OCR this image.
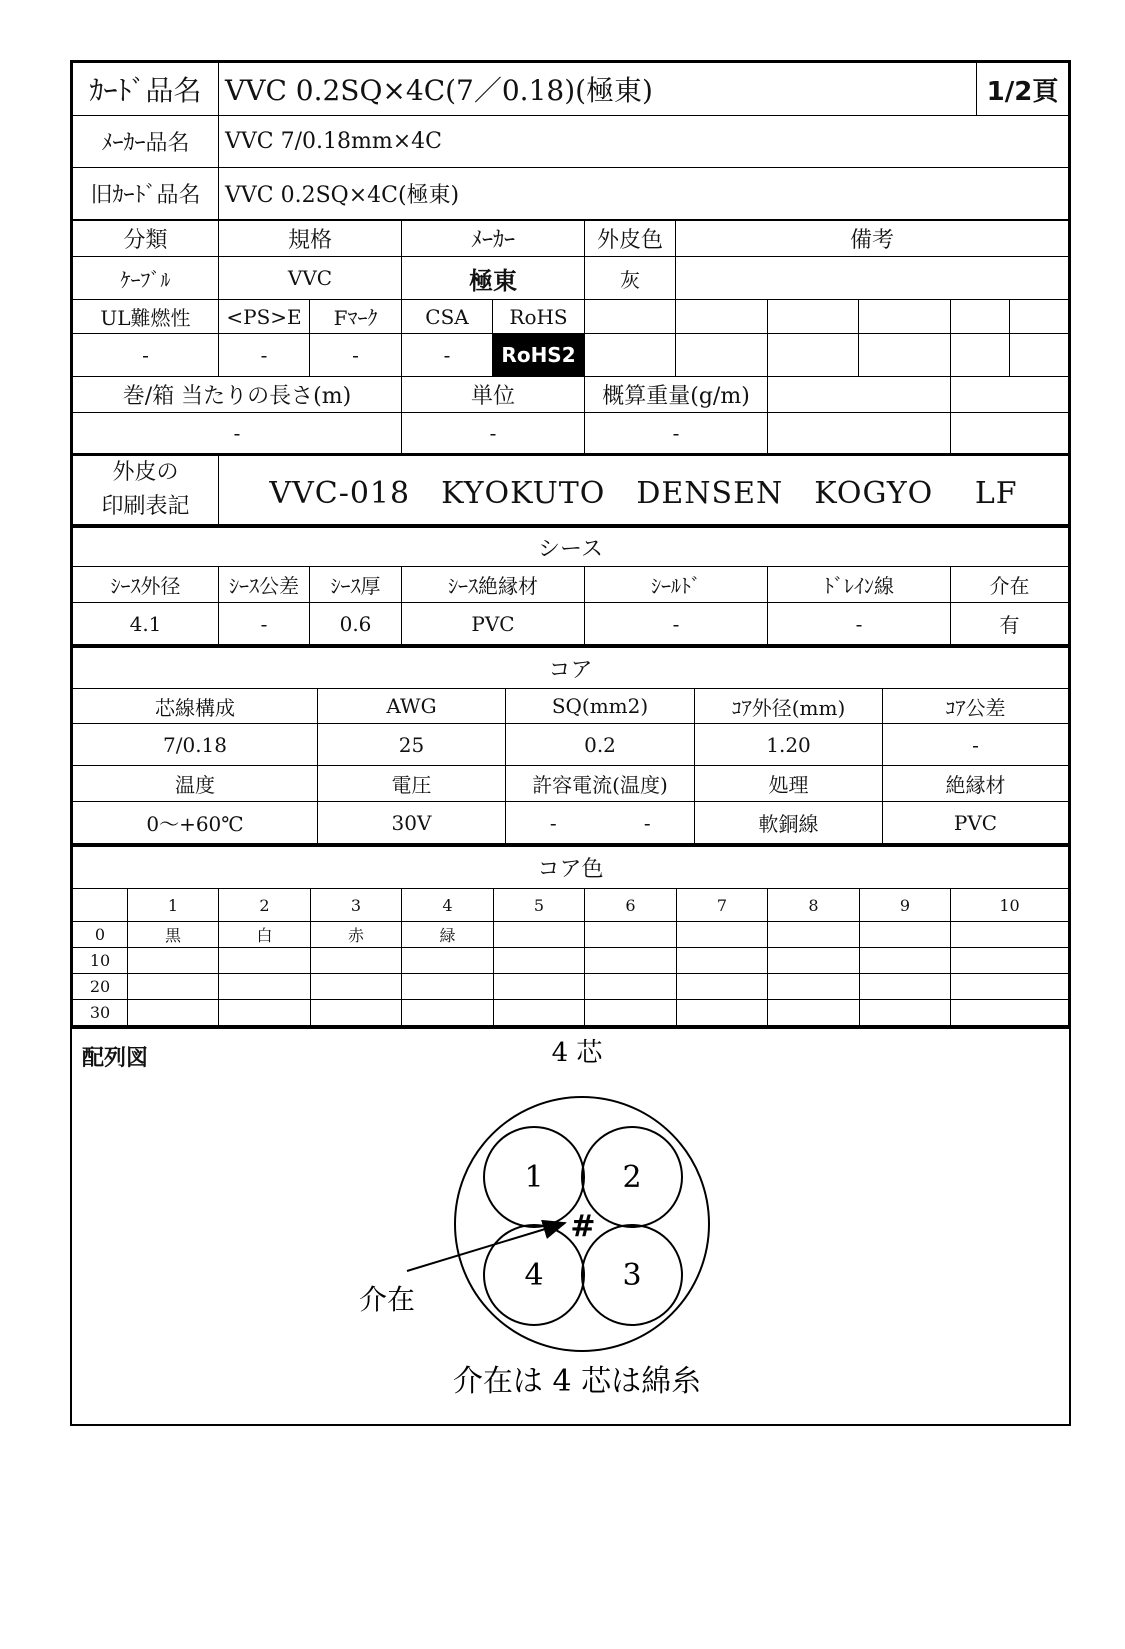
ｶｰﾄﾞ品名	VVC 0.2SQ×4C(7／0.18)(極東)	1/2頁
ﾒｰｶｰ品名	VVC 7/0.18mm×4C	
旧ｶｰﾄﾞ品名	VVC 0.2SQ×4C(極東)	
分類	規格		ﾒｰｶｰ		外皮色	備考				
ｹｰﾌﾞﾙ	VVC		極東		灰					
UL難燃性	<PS>E	Fﾏｰｸ	CSA	RoHS						
-	-	-	-	RoHS2						
巻/箱 当たりの長さ(m)			単位		概算重量(g/m)					
-			-		-					
外皮の
印刷表記	VVC-018　KYOKUTO　DENSEN　KOGYO　 LF									
シース						
ｼｰｽ外径	ｼｰｽ公差	ｼｰｽ厚	ｼｰｽ絶縁材	ｼｰﾙﾄﾞ	ﾄﾞﾚｲﾝ線	介在
4.1	-	0.6	PVC	-	-	有
コア					
芯線構成	AWG	SQ(mm2)		ｺｱ外径(mm)	ｺｱ公差
7/0.18	25	0.2		1.20	-
温度	電圧	許容電流(温度)		処理	絶縁材
0～+60℃	30V	-	-	軟銅線	PVC
コア色										
	1	2	3	4	5	6	7	8	9	10
0	黒	白	赤	緑						
10										
20										
30										
配列図	4 芯
1	2
4	3
#
介在
介在は 4 芯は綿糸
